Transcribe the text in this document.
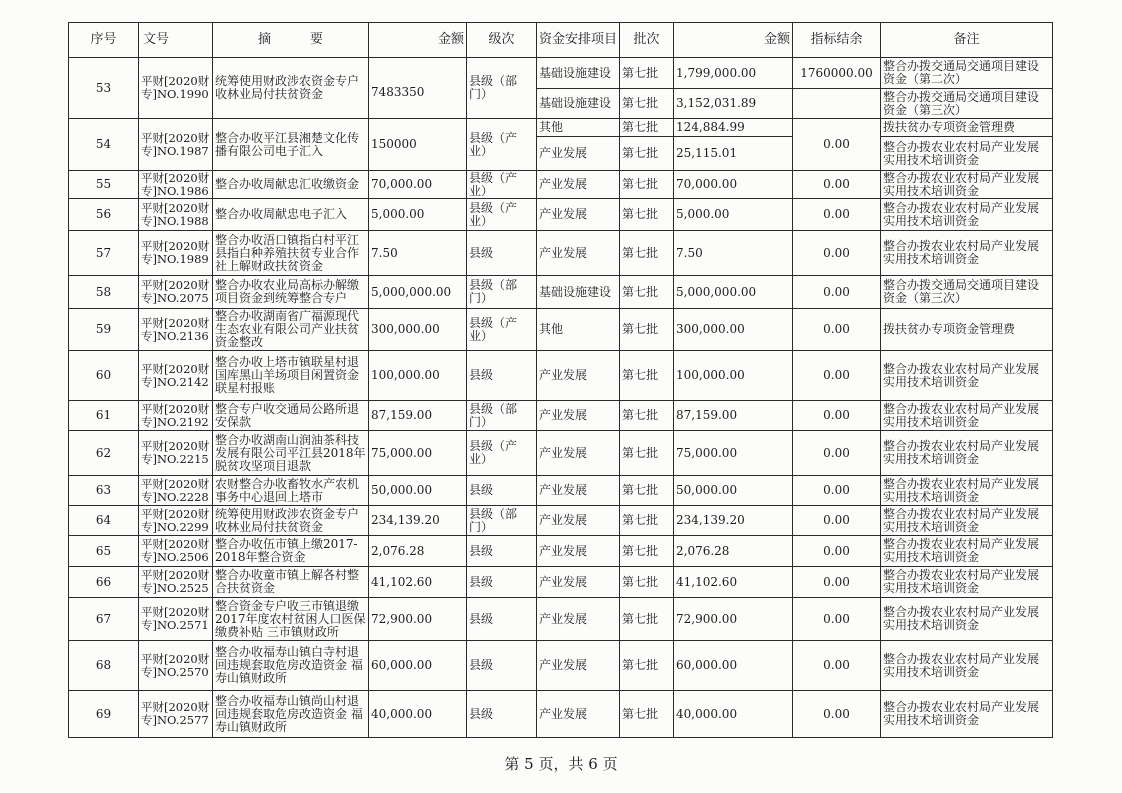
序号	文号	摘　　　要	金额	级次	资金安排项目	批次	金额	指标结余	备注
53	平财[2020财专]NO.1990	统筹使用财政涉农资金专户收林业局付扶贫资金	7483350	县级（部门）	基础设施建设	第七批	1,799,000.00	1760000.00	整合办拨交通局交通项目建设资金（第二次）
					基础设施建设	第七批	3,152,031.89		整合办拨交通局交通项目建设资金（第三次）
54	平财[2020财专]NO.1987	整合办收平江县湘楚文化传播有限公司电子汇入	150000	县级（产业）	其他	第七批	124,884.99	0.00	拨扶贫办专项资金管理费
					产业发展	第七批	25,115.01		整合办拨农业农村局产业发展实用技术培训资金
55	平财[2020财专]NO.1986	整合办收周献忠汇收缴资金	70,000.00	县级（产业）	产业发展	第七批	70,000.00	0.00	整合办拨农业农村局产业发展实用技术培训资金
56	平财[2020财专]NO.1988	整合办收周献忠电子汇入	5,000.00	县级（产业）	产业发展	第七批	5,000.00	0.00	整合办拨农业农村局产业发展实用技术培训资金
57	平财[2020财专]NO.1989	整合办收浯口镇指白村平江县指白种养殖扶贫专业合作社上解财政扶贫资金	7.50	县级	产业发展	第七批	7.50	0.00	整合办拨农业农村局产业发展实用技术培训资金
58	平财[2020财专]NO.2075	整合办收农业局高标办解缴项目资金到统筹整合专户	5,000,000.00	县级（部门）	基础设施建设	第七批	5,000,000.00	0.00	整合办拨交通局交通项目建设资金（第三次）
59	平财[2020财专]NO.2136	整合办收湖南省广福源现代生态农业有限公司产业扶贫资金整改	300,000.00	县级（产业）	其他	第七批	300,000.00	0.00	拨扶贫办专项资金管理费
60	平财[2020财专]NO.2142	整合办收上塔市镇联星村退国库黑山羊场项目闲置资金联星村报账	100,000.00	县级	产业发展	第七批	100,000.00	0.00	整合办拨农业农村局产业发展实用技术培训资金
61	平财[2020财专]NO.2192	整合专户收交通局公路所退安保款	87,159.00	县级（部门）	产业发展	第七批	87,159.00	0.00	整合办拨农业农村局产业发展实用技术培训资金
62	平财[2020财专]NO.2215	整合办收湖南山润油茶科技发展有限公司平江县2018年脱贫攻坚项目退款	75,000.00	县级（产业）	产业发展	第七批	75,000.00	0.00	整合办拨农业农村局产业发展实用技术培训资金
63	平财[2020财专]NO.2228	农财整合办收畜牧水产农机事务中心退回上塔市	50,000.00	县级	产业发展	第七批	50,000.00	0.00	整合办拨农业农村局产业发展实用技术培训资金
64	平财[2020财专]NO.2299	统筹使用财政涉农资金专户收林业局付扶贫资金	234,139.20	县级（部门）	产业发展	第七批	234,139.20	0.00	整合办拨农业农村局产业发展实用技术培训资金
65	平财[2020财专]NO.2506	整合办收伍市镇上缴2017-2018年整合资金	2,076.28	县级	产业发展	第七批	2,076.28	0.00	整合办拨农业农村局产业发展实用技术培训资金
66	平财[2020财专]NO.2525	整合办收童市镇上解各村整合扶贫资金	41,102.60	县级	产业发展	第七批	41,102.60	0.00	整合办拨农业农村局产业发展实用技术培训资金
67	平财[2020财专]NO.2571	整合资金专户收三市镇退缴2017年度农村贫困人口医保缴费补贴 三市镇财政所	72,900.00	县级	产业发展	第七批	72,900.00	0.00	整合办拨农业农村局产业发展实用技术培训资金
68	平财[2020财专]NO.2570	整合办收福寿山镇白寺村退回违规套取危房改造资金 福寿山镇财政所	60,000.00	县级	产业发展	第七批	60,000.00	0.00	整合办拨农业农村局产业发展实用技术培训资金
69	平财[2020财专]NO.2577	整合办收福寿山镇尚山村退回违规套取危房改造资金 福寿山镇财政所	40,000.00	县级	产业发展	第七批	40,000.00	0.00	整合办拨农业农村局产业发展实用技术培训资金
第 5 页，共 6 页
